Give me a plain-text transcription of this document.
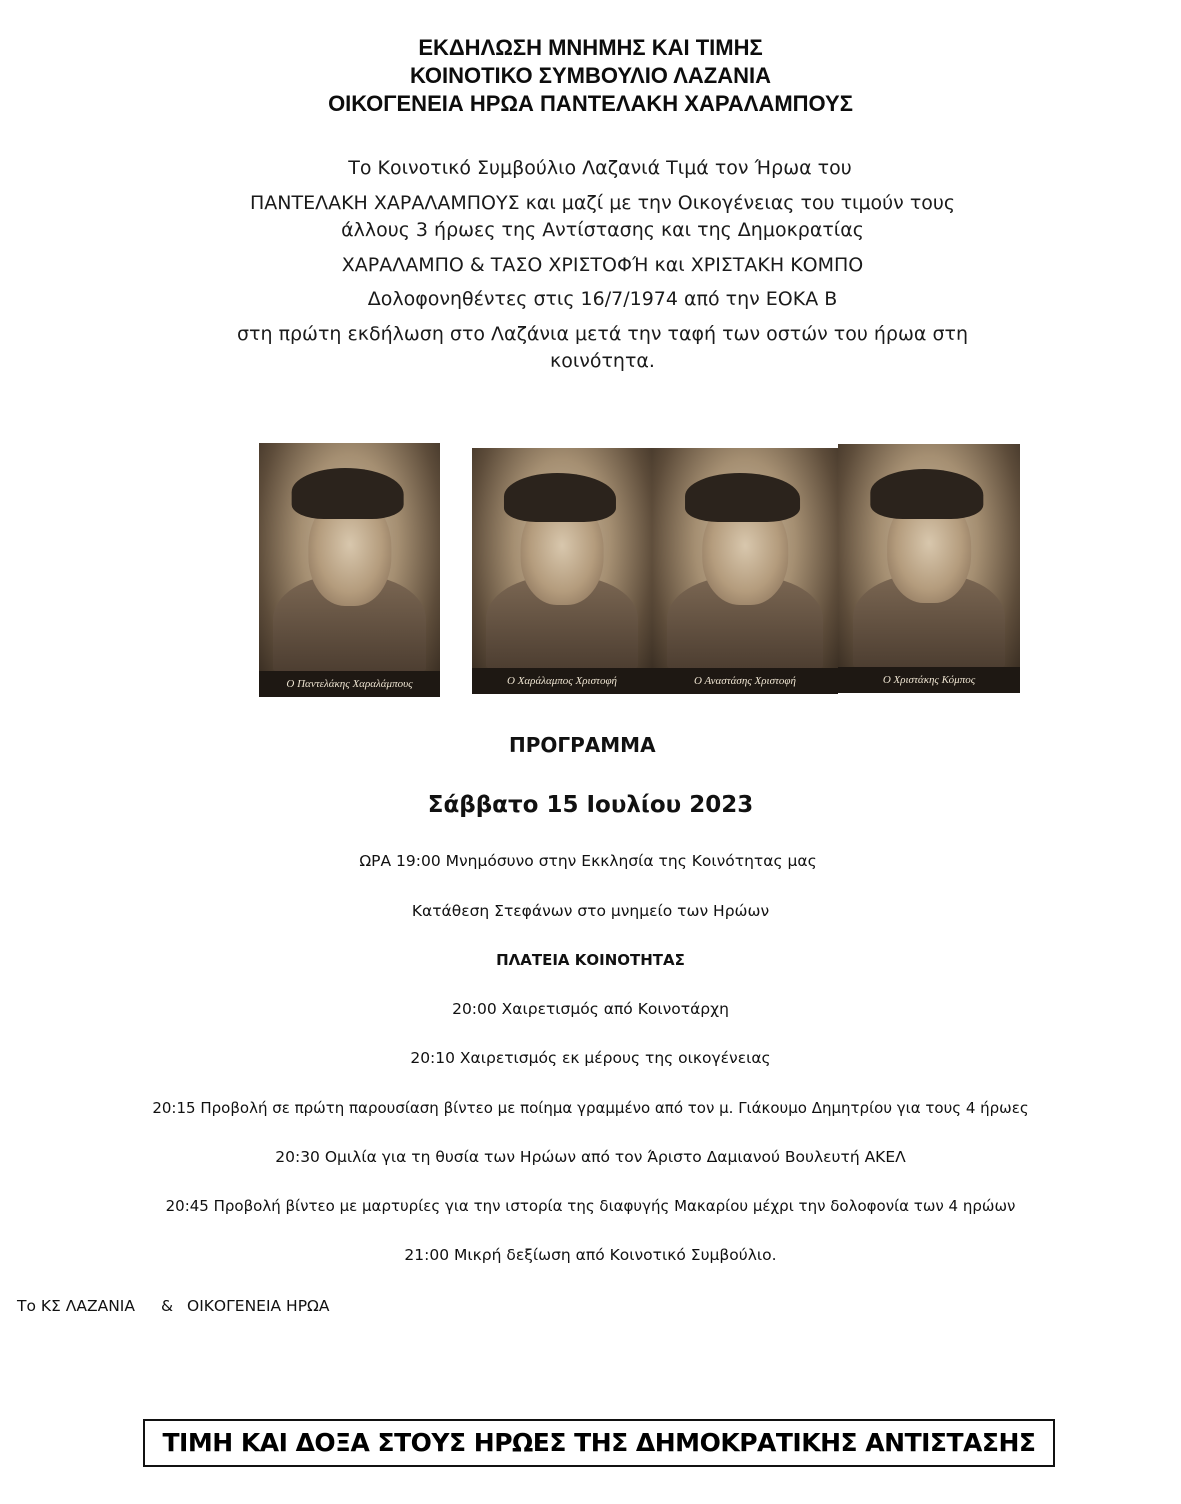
ΕΚΔΗΛΩΣΗ ΜΝΗΜΗΣ ΚΑΙ ΤΙΜΗΣ
ΚΟΙΝΟΤΙΚΟ ΣΥΜΒΟΥΛΙΟ ΛΑΖΑΝΙΑ
ΟΙΚΟΓΕΝΕΙΑ ΗΡΩΑ ΠΑΝΤΕΛΑΚΗ ΧΑΡΑΛΑΜΠΟΥΣ
Το Κοινοτικό Συμβούλιο Λαζανιά Τιμά τον Ήρωα του
ΠΑΝΤΕΛΑΚΗ ΧΑΡΑΛΑΜΠΟΥΣ και μαζί με την Οικογένειας του τιμούν τους
άλλους 3 ήρωες της Αντίστασης και της Δημοκρατίας
ΧΑΡΑΛΑΜΠΟ & ΤΑΣΟ ΧΡΙΣΤΟΦΉ και ΧΡΙΣΤΑΚΗ ΚΟΜΠΟ
Δολοφονηθέντες στις 16/7/1974 από την ΕΟΚΑ Β
στη πρώτη εκδήλωση στο Λαζάνια μετά την ταφή των οστών του ήρωα στη
κοινότητα.
Ο Παντελάκης Χαραλάμπους	Ο Χαράλαμπος Χριστοφή	Ο Αναστάσης Χριστοφή	Ο Χριστάκης Κόμπος
ΠΡΟΓΡΑΜΜΑ
Σάββατο 15 Ιουλίου 2023
ΩΡΑ 19:00 Μνημόσυνο στην Εκκλησία της Κοινότητας μας
Κατάθεση Στεφάνων στο μνημείο των Ηρώων
ΠΛΑΤΕΙΑ ΚΟΙΝΟΤΗΤΑΣ
20:00 Χαιρετισμός από Κοινοτάρχη
20:10 Χαιρετισμός εκ μέρους της οικογένειας
20:15 Προβολή σε πρώτη παρουσίαση βίντεο με ποίημα γραμμένο από τον μ. Γιάκουμο Δημητρίου για τους 4 ήρωες
20:30 Ομιλία για τη θυσία των Ηρώων από τον Άριστο Δαμιανού Βουλευτή ΑΚΕΛ
20:45 Προβολή βίντεο με μαρτυρίες για την ιστορία της διαφυγής Μακαρίου μέχρι την δολοφονία των 4 ηρώων
21:00 Μικρή δεξίωση από Κοινοτικό Συμβούλιο.
Το ΚΣ ΛΑΖΑΝΙΑ & ΟΙΚΟΓΕΝΕΙΑ ΗΡΩΑ
ΤΙΜΗ ΚΑΙ ΔΟΞΑ ΣΤΟΥΣ ΗΡΩΕΣ ΤΗΣ ΔΗΜΟΚΡΑΤΙΚΗΣ ΑΝΤΙΣΤΑΣΗΣ
